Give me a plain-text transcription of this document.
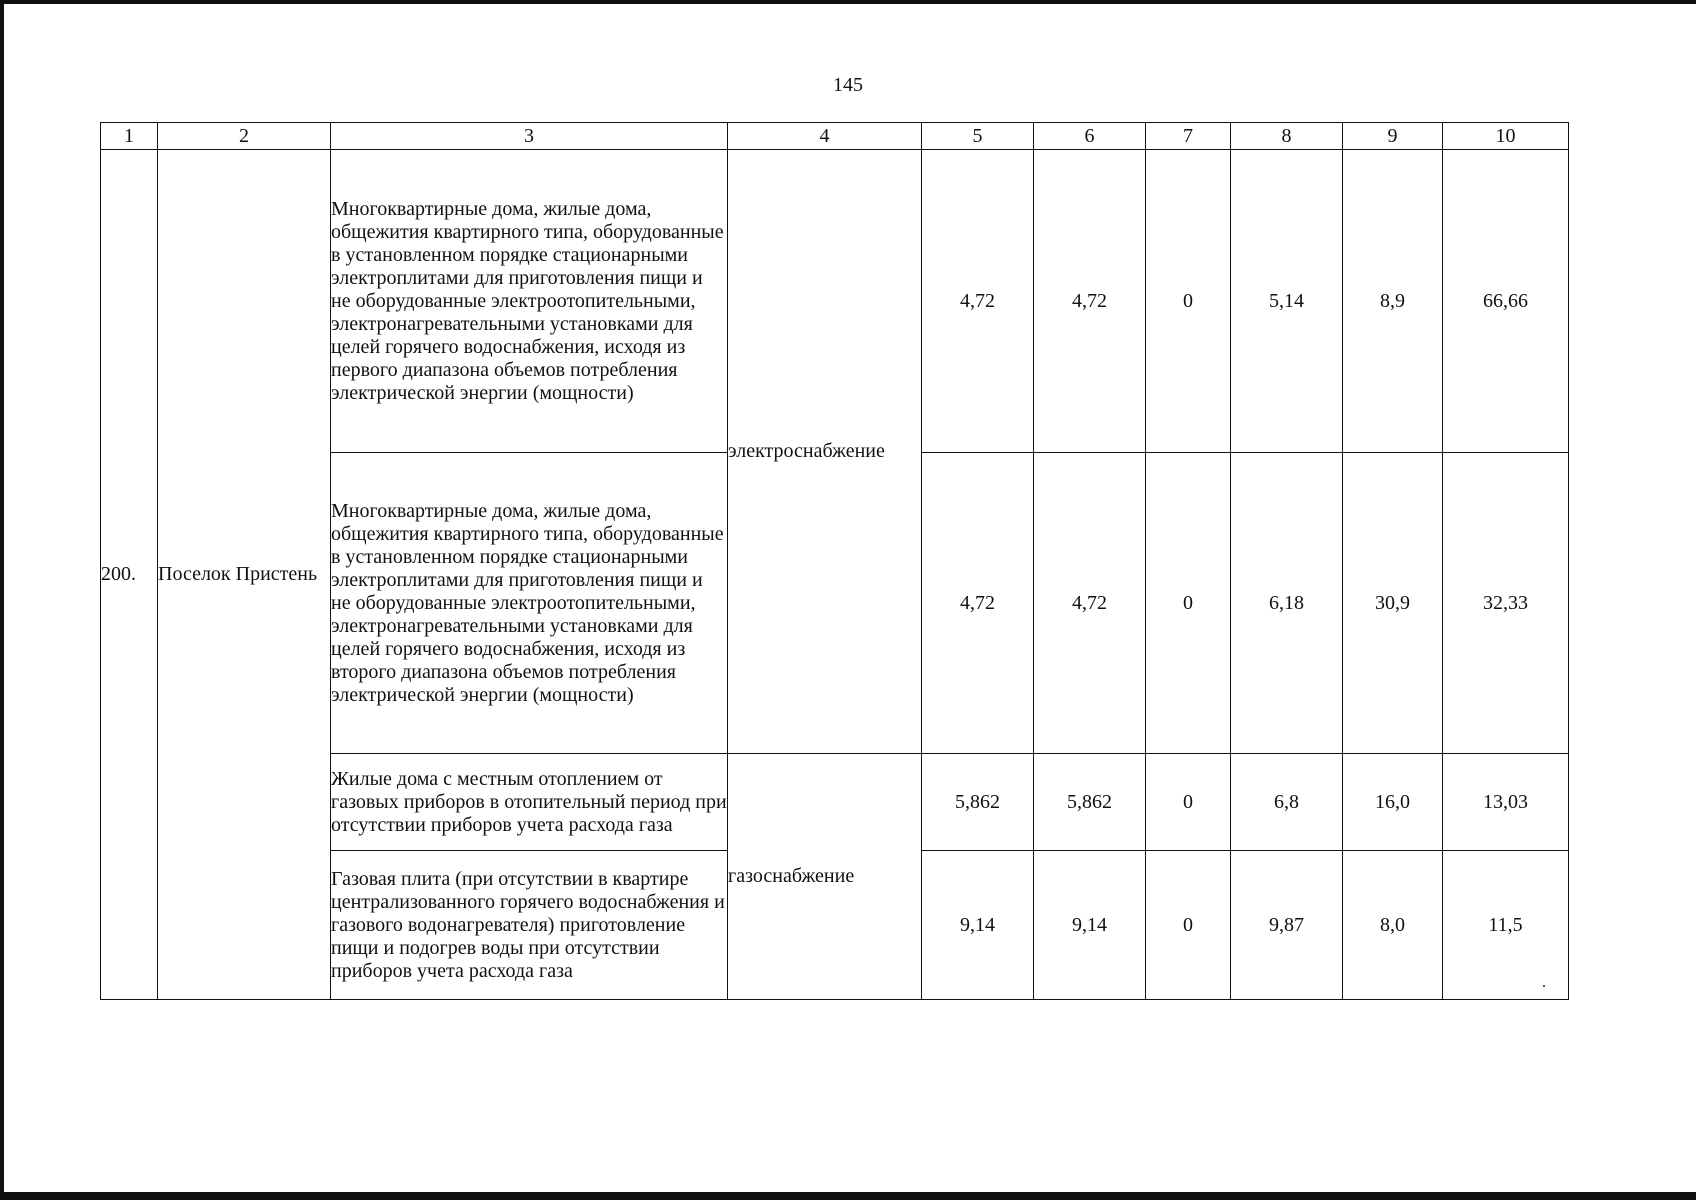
145
1	2	3	4	5	6	7	8	9	10
200.	Поселок Пристень	Многоквартирные дома, жилые дома, общежития квартирного типа, оборудованные в установленном порядке стационарными электроплитами для приготовления пищи и не оборудованные электроотопительными, электронагревательными установками для целей горячего водоснабжения, исходя из первого диапазона объемов потребления электрической энергии (мощности)	электроснабжение	4,72	4,72	0	5,14	8,9	66,66
		Многоквартирные дома, жилые дома, общежития квартирного типа, оборудованные в установленном порядке стационарными электроплитами для приготовления пищи и не оборудованные электроотопительными, электронагревательными установками для целей горячего водоснабжения, исходя из второго диапазона объемов потребления электрической энергии (мощности)		4,72	4,72	0	6,18	30,9	32,33
		Жилые дома с местным отоплением от газовых приборов в отопительный период при отсутствии приборов учета расхода газа	газоснабжение	5,862	5,862	0	6,8	16,0	13,03
		Газовая плита (при отсутствии в квартире централизованного горячего водоснабжения и газового водонагревателя) приготовление пищи и подогрев воды при отсутствии приборов учета расхода газа		9,14	9,14	0	9,87	8,0	11,5
